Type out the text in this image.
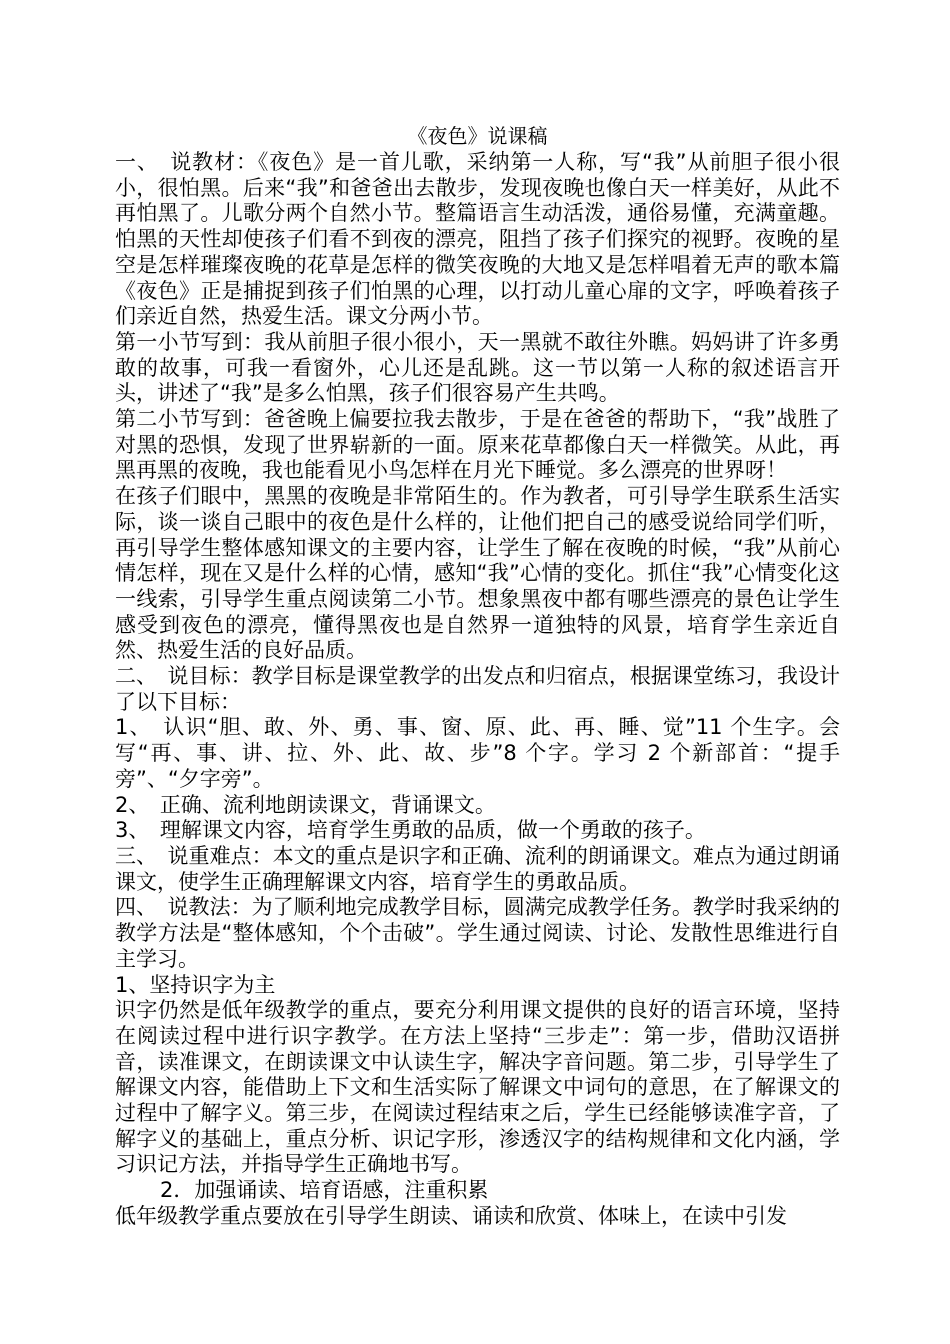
《夜色》说课稿

一、　说教材：《夜色》是一首儿歌，采纳第一人称，写“我”从前胆子很小很小，很怕黑。后来“我”和爸爸出去散步，发现夜晚也像白天一样美好，从此不再怕黑了。儿歌分两个自然小节。整篇语言生动活泼，通俗易懂，充满童趣。怕黑的天性却使孩子们看不到夜的漂亮，阻挡了孩子们探究的视野。夜晚的星空是怎样璀璨夜晚的花草是怎样的微笑夜晚的大地又是怎样唱着无声的歌本篇《夜色》正是捕捉到孩子们怕黑的心理，以打动儿童心扉的文字，呼唤着孩子们亲近自然，热爱生活。课文分两小节。

第一小节写到：我从前胆子很小很小，天一黑就不敢往外瞧。妈妈讲了许多勇敢的故事，可我一看窗外，心儿还是乱跳。这一节以第一人称的叙述语言开头，讲述了“我”是多么怕黑，孩子们很容易产生共鸣。

第二小节写到：爸爸晚上偏要拉我去散步，于是在爸爸的帮助下，“我”战胜了对黑的恐惧，发现了世界崭新的一面。原来花草都像白天一样微笑。从此，再黑再黑的夜晚，我也能看见小鸟怎样在月光下睡觉。多么漂亮的世界呀！

在孩子们眼中，黑黑的夜晚是非常陌生的。作为教者，可引导学生联系生活实际，谈一谈自己眼中的夜色是什么样的，让他们把自己的感受说给同学们听，再引导学生整体感知课文的主要内容，让学生了解在夜晚的时候，“我”从前心情怎样，现在又是什么样的心情，感知“我”心情的变化。抓住“我”心情变化这一线索，引导学生重点阅读第二小节。想象黑夜中都有哪些漂亮的景色让学生感受到夜色的漂亮，懂得黑夜也是自然界一道独特的风景，培育学生亲近自然、热爱生活的良好品质。

二、　说目标：教学目标是课堂教学的出发点和归宿点，根据课堂练习，我设计了以下目标：

1、　认识“胆、敢、外、勇、事、窗、原、此、再、睡、觉”11 个生字。会写“再、事、讲、拉、外、此、故、步”8 个字。学习 2 个新部首：“提手旁”、“夕字旁”。

2、　正确、流利地朗读课文，背诵课文。

3、　理解课文内容，培育学生勇敢的品质，做一个勇敢的孩子。

三、　说重难点：本文的重点是识字和正确、流利的朗诵课文。难点为通过朗诵课文，使学生正确理解课文内容，培育学生的勇敢品质。

四、　说教法：为了顺利地完成教学目标，圆满完成教学任务。教学时我采纳的教学方法是“整体感知，个个击破”。学生通过阅读、讨论、发散性思维进行自主学习。

1、坚持识字为主

识字仍然是低年级教学的重点，要充分利用课文提供的良好的语言环境，坚持在阅读过程中进行识字教学。在方法上坚持“三步走”：第一步，借助汉语拼音，读准课文，在朗读课文中认读生字，解决字音问题。第二步，引导学生了解课文内容，能借助上下文和生活实际了解课文中词句的意思，在了解课文的过程中了解字义。第三步，在阅读过程结束之后，学生已经能够读准字音，了解字义的基础上，重点分析、识记字形，渗透汉字的结构规律和文化内涵，学习识记方法，并指导学生正确地书写。

2．加强诵读、培育语感，注重积累

低年级教学重点要放在引导学生朗读、诵读和欣赏、体味上，在读中引发
